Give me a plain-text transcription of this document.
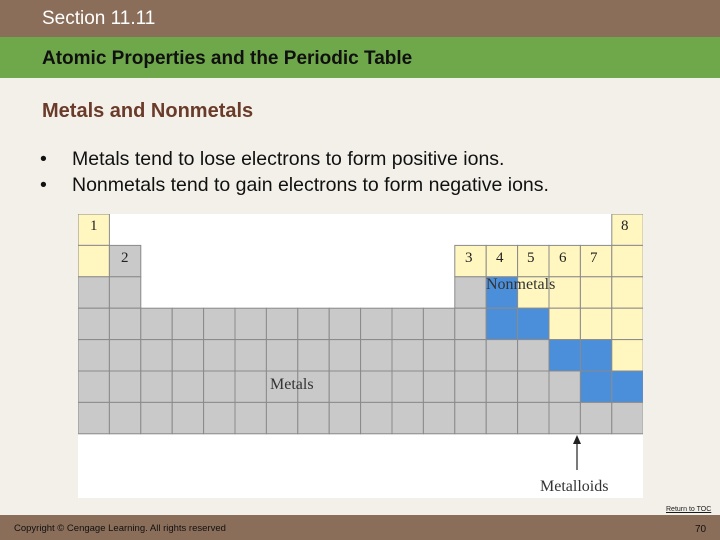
Section 11.11
Atomic Properties and the Periodic Table
Metals and Nonmetals
• Metals tend to lose electrons to form positive ions.
• Nonmetals tend to gain electrons to form negative ions.
1
2	3 4 5 6 7
8
Nonmetals
Metals
Metalloids
Return to TOC
Copyright © Cengage Learning. All rights reserved	70
